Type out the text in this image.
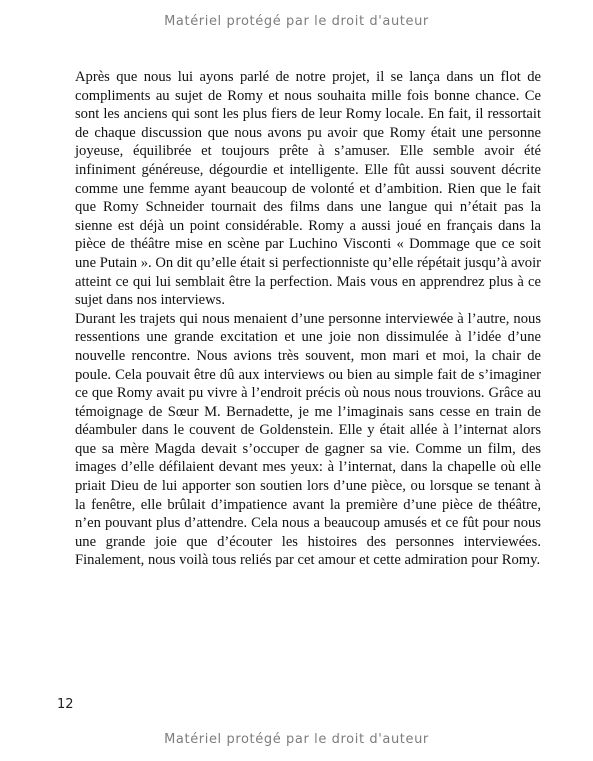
Matériel protégé par le droit d'auteur

Après que nous lui ayons parlé de notre projet, il se lança dans un flot de compliments au sujet de Romy et nous souhaita mille fois bonne chance. Ce sont les anciens qui sont les plus fiers de leur Romy locale. En fait, il ressortait de chaque discussion que nous avons pu avoir que Romy était une personne joyeuse, équilibrée et toujours prête à s’amuser. Elle semble avoir été infiniment généreuse, dégourdie et intelligente. Elle fût aussi souvent décrite comme une femme ayant beaucoup de volonté et d’ambition. Rien que le fait que Romy Schneider tournait des films dans une langue qui n’était pas la sienne est déjà un point considérable. Romy a aussi joué en français dans la pièce de théâtre mise en scène par Luchino Visconti « Dommage que ce soit une Putain ». On dit qu’elle était si perfectionniste qu’elle répétait jusqu’à avoir atteint ce qui lui semblait être la perfection. Mais vous en apprendrez plus à ce sujet dans nos interviews.

Durant les trajets qui nous menaient d’une personne interviewée à l’autre, nous ressentions une grande excitation et une joie non dissimulée à l’idée d’une nouvelle rencontre. Nous avions très souvent, mon mari et moi, la chair de poule. Cela pouvait être dû aux interviews ou bien au simple fait de s’imaginer ce que Romy avait pu vivre à l’endroit précis où nous nous trouvions. Grâce au témoignage de Sœur M. Bernadette, je me l’imaginais sans cesse en train de déambuler dans le couvent de Goldenstein. Elle y était allée à l’internat alors que sa mère Magda devait s’occuper de gagner sa vie. Comme un film, des images d’elle défilaient devant mes yeux: à l’internat, dans la chapelle où elle priait Dieu de lui apporter son soutien lors d’une pièce, ou lorsque se tenant à la fenêtre, elle brûlait d’impatience avant la première d’une pièce de théâtre, n’en pouvant plus d’attendre. Cela nous a beaucoup amusés et ce fût pour nous une grande joie que d’écouter les histoires des personnes interviewées. Finalement, nous voilà tous reliés par cet amour et cette admiration pour Romy.

12
Matériel protégé par le droit d'auteur
